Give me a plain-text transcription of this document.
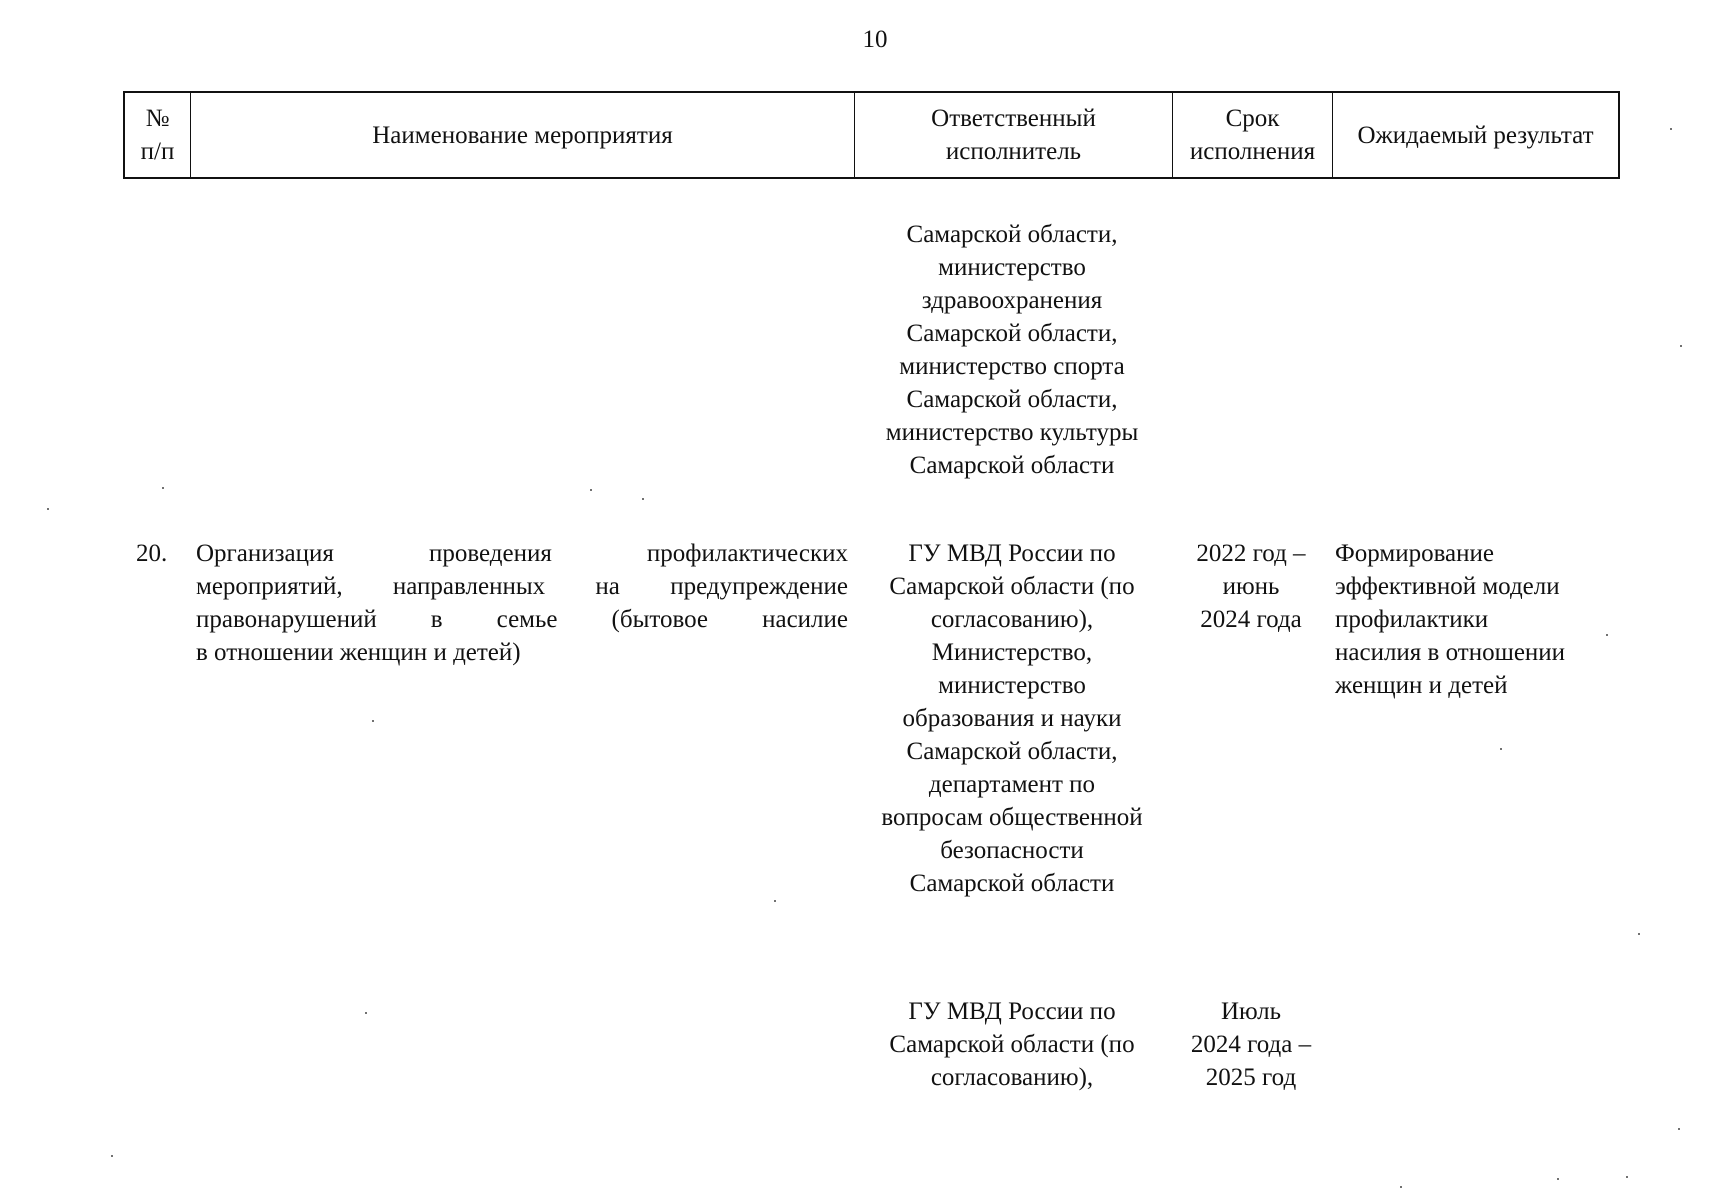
10
№
п/п
Наименование мероприятия
Ответственный
исполнитель
Срок
исполнения
Ожидаемый результат
Самарской области,
министерство
здравоохранения
Самарской области,
министерство спорта
Самарской области,
министерство культуры
Самарской области
20.	Организация проведения профилактических
мероприятий, направленных на предупреждение
правонарушений в семье (бытовое насилие
в отношении женщин и детей)
ГУ МВД России по
Самарской области (по
согласованию),
Министерство,
министерство
образования и науки
Самарской области,
департамент по
вопросам общественной
безопасности
Самарской области
2022 год –
июнь
2024 года
Формирование
эффективной модели
профилактики
насилия в отношении
женщин и детей
ГУ МВД России по
Самарской области (по
согласованию),
Июль
2024 года –
2025 год
